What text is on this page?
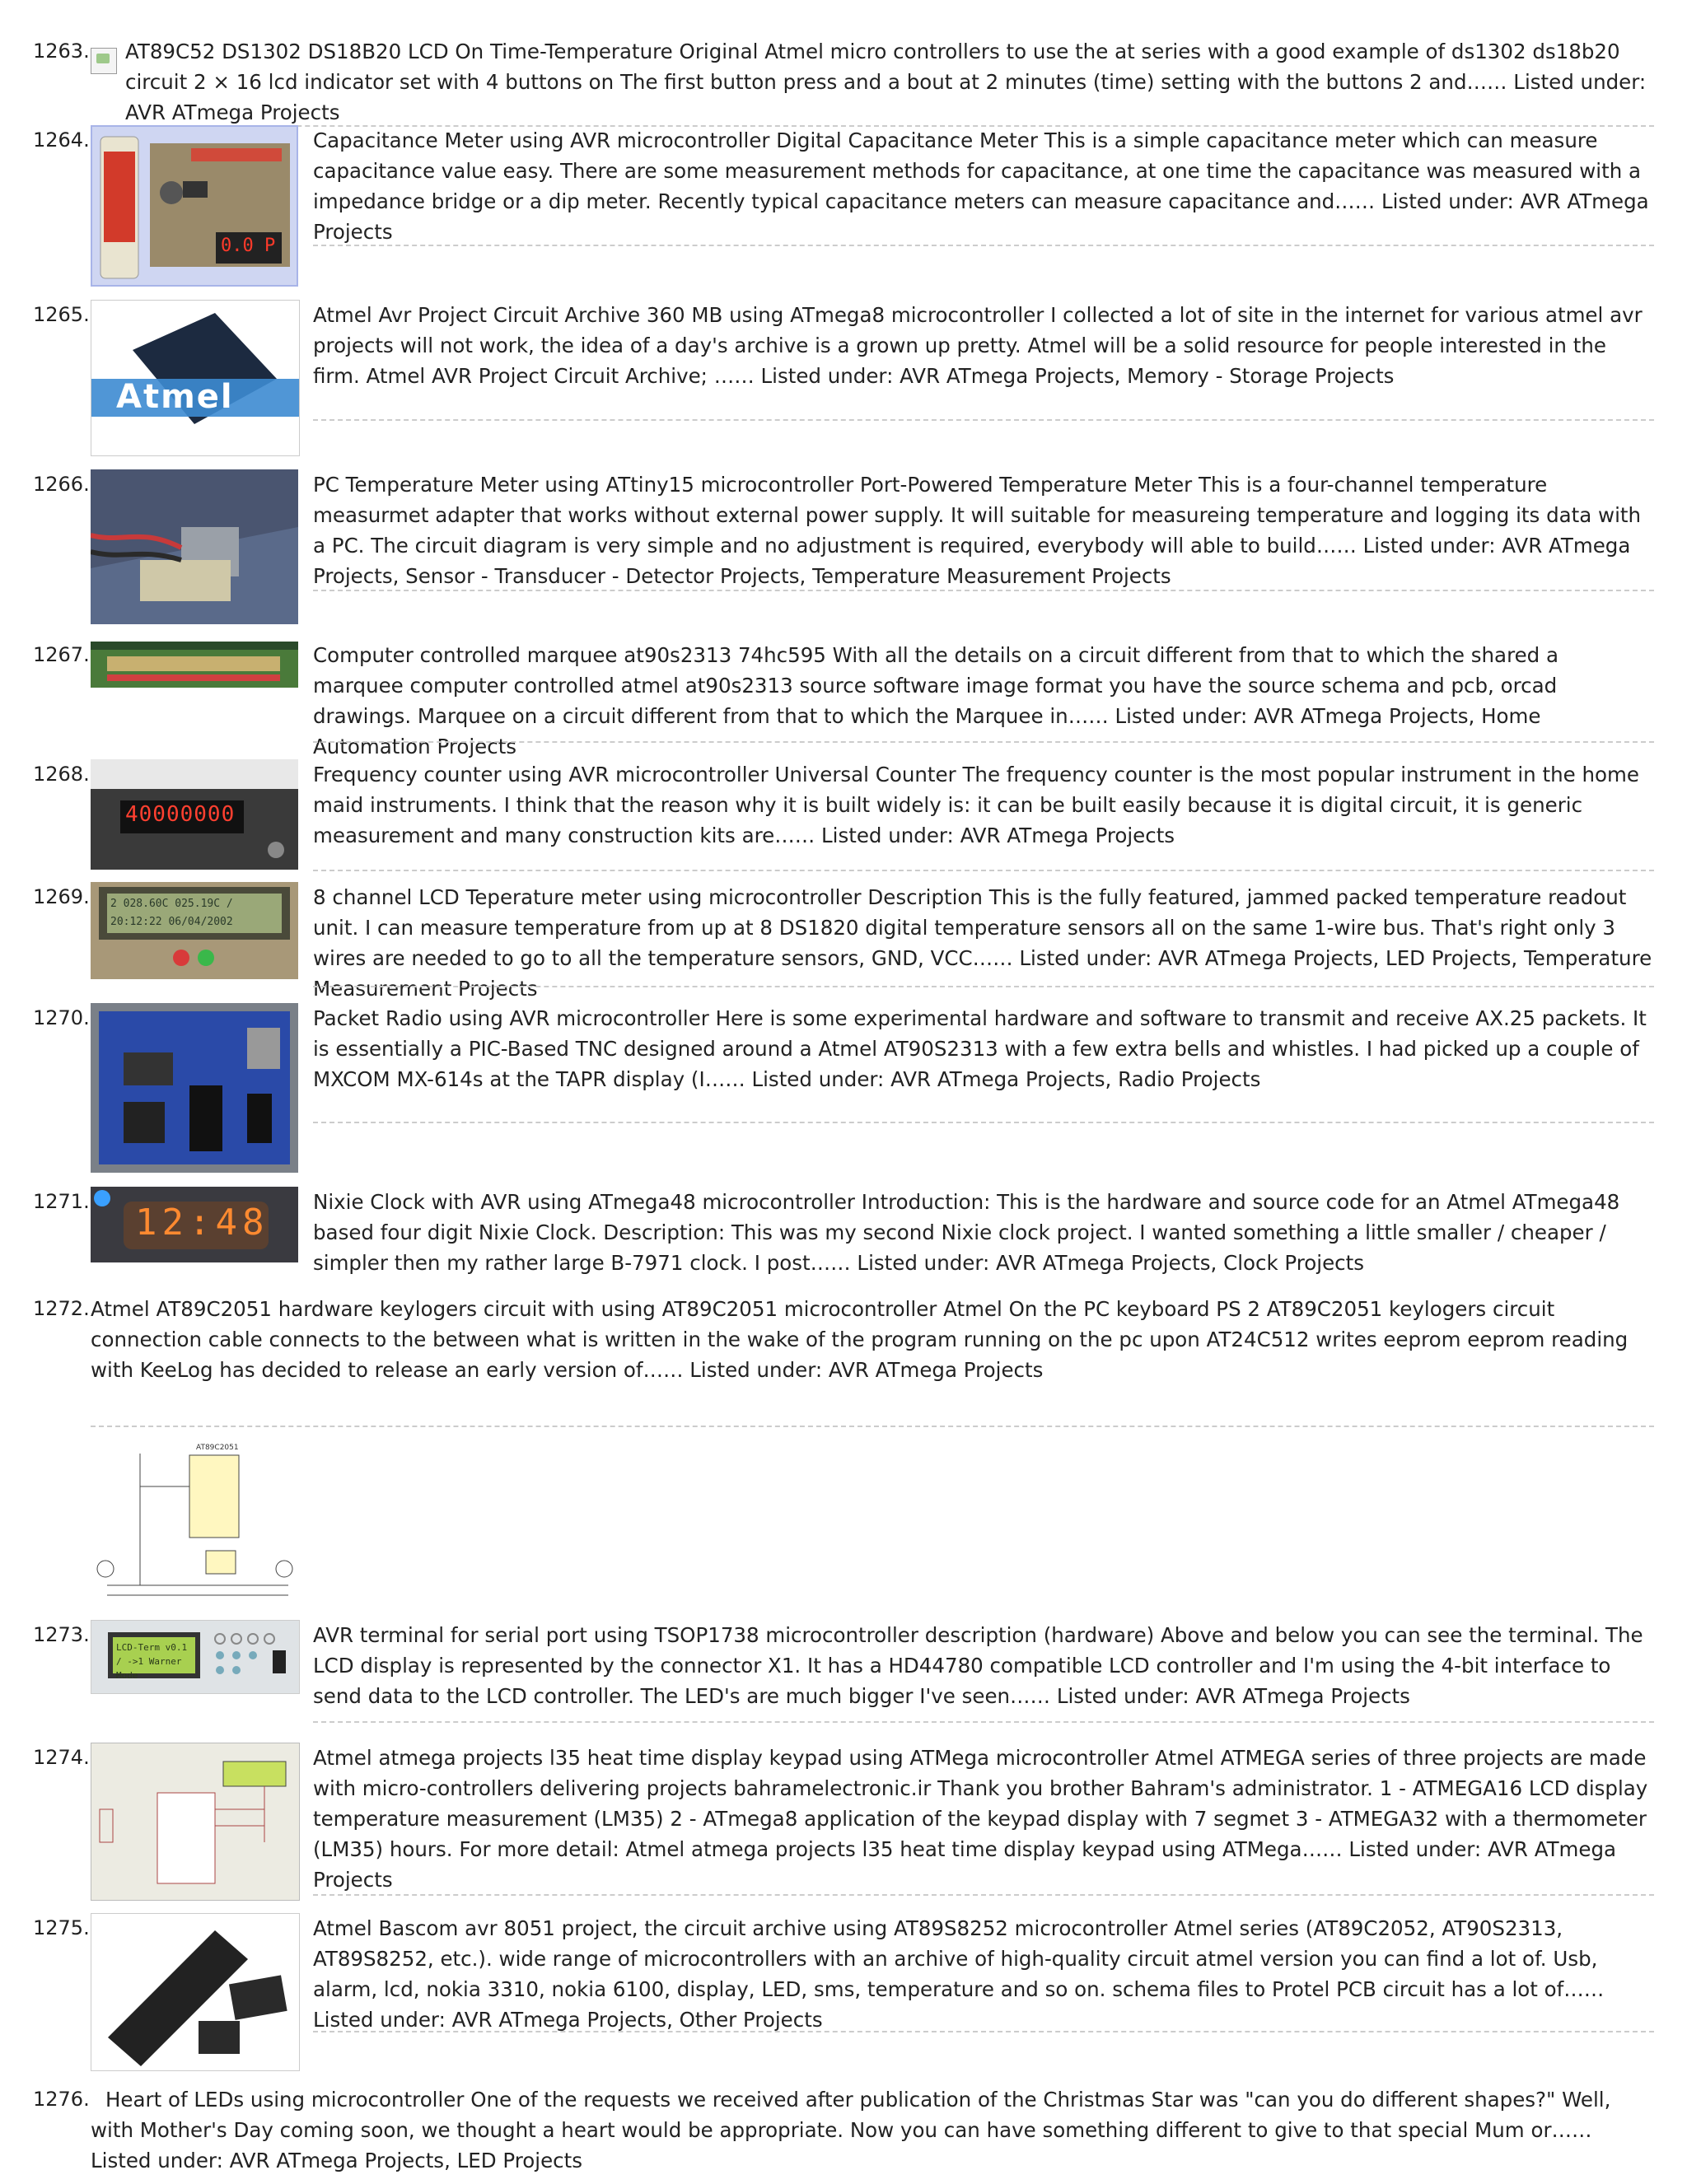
1263. AT89C52 DS1302 DS18B20 LCD On Time-Temperature Original Atmel micro controllers to use the at series with a good example of ds1302 ds18b20 circuit 2 × 16 lcd indicator set with 4 buttons on The first button press and a bout at 2 minutes (time) setting with the buttons 2 and…… Listed under: AVR ATmega Projects
1264.
0.0 P
Capacitance Meter using AVR microcontroller Digital Capacitance Meter This is a simple capacitance meter which can measure capacitance value easy. There are some measurement methods for capacitance, at one time the capacitance was measured with a impedance bridge or a dip meter. Recently typical capacitance meters can measure capacitance and…… Listed under: AVR ATmega Projects
1265.
Atmel
Atmel Avr Project Circuit Archive 360 MB using ATmega8 microcontroller I collected a lot of site in the internet for various atmel avr projects will not work, the idea of a day's archive is a grown up pretty. Atmel will be a solid resource for people interested in the firm. Atmel AVR Project Circuit Archive; …… Listed under: AVR ATmega Projects, Memory - Storage Projects
1266.	PC Temperature Meter using ATtiny15 microcontroller Port-Powered Temperature Meter This is a four-channel temperature measurmet adapter that works without external power supply. It will suitable for measureing temperature and logging its data with a PC. The circuit diagram is very simple and no adjustment is required, everybody will able to build…… Listed under: AVR ATmega Projects, Sensor - Transducer - Detector Projects, Temperature Measurement Projects
1267.	Computer controlled marquee at90s2313 74hc595 With all the details on a circuit different from that to which the shared a marquee computer controlled atmel at90s2313 source software image format you have the source schema and pcb, orcad drawings. Marquee on a circuit different from that to which the Marquee in…… Listed under: AVR ATmega Projects, Home Automation Projects
1268.
40000000
Frequency counter using AVR microcontroller Universal Counter The frequency counter is the most popular instrument in the home maid instruments. I think that the reason why it is built widely is: it can be built easily because it is digital circuit, it is generic measurement and many construction kits are…… Listed under: AVR ATmega Projects
1269. 2 028.60C 025.19C / 20:12:22 06/04/2002
8 channel LCD Teperature meter using microcontroller Description This is the fully featured, jammed packed temperature readout unit. I can measure temperature from up at 8 DS1820 digital temperature sensors all on the same 1-wire bus. That's right only 3 wires are needed to go to all the temperature sensors, GND, VCC…… Listed under: AVR ATmega Projects, LED Projects, Temperature Measurement Projects
1270.	Packet Radio using AVR microcontroller Here is some experimental hardware and software to transmit and receive AX.25 packets. It is essentially a PIC-Based TNC designed around a Atmel AT90S2313 with a few extra bells and whistles. I had picked up a couple of MXCOM MX-614s at the TAPR display (I…… Listed under: AVR ATmega Projects, Radio Projects
1271. 12:48 Nixie Clock with AVR using ATmega48 microcontroller Introduction: This is the hardware and source code for an Atmel ATmega48 based four digit Nixie Clock. Description: This was my second Nixie clock project. I wanted something a little smaller / cheaper / simpler then my rather large B-7971 clock. I post…… Listed under: AVR ATmega Projects, Clock Projects
1272. Atmel AT89C2051 hardware keylogers circuit with using AT89C2051 microcontroller Atmel On the PC keyboard PS 2 AT89C2051 keylogers circuit connection cable connects to the between what is written in the wake of the program running on the pc upon AT24C512 writes eeprom eeprom reading with KeeLog has decided to release an early version of…… Listed under: AVR ATmega Projects
AT89C2051
1273.
LCD-Term v0.1 / ->1 Warner Mode
AVR terminal for serial port using TSOP1738 microcontroller description (hardware) Above and below you can see the terminal. The LCD display is represented by the connector X1. It has a HD44780 compatible LCD controller and I'm using the 4-bit interface to send data to the LCD controller. The LED's are much bigger I've seen…… Listed under: AVR ATmega Projects
1274.	Atmel atmega projects l35 heat time display keypad using ATMega microcontroller Atmel ATMEGA series of three projects are made with micro-controllers delivering projects bahramelectronic.ir Thank you brother Bahram's administrator. 1 - ATMEGA16 LCD display temperature measurement (LM35) 2 - ATmega8 application of the keypad display with 7 segmet 3 - ATMEGA32 with a thermometer (LM35) hours. For more detail: Atmel atmega projects l35 heat time display keypad using ATMega…… Listed under: AVR ATmega Projects
1275.	Atmel Bascom avr 8051 project, the circuit archive using AT89S8252 microcontroller Atmel series (AT89C2052, AT90S2313, AT89S8252, etc.). wide range of microcontrollers with an archive of high-quality circuit atmel version you can find a lot of. Usb, alarm, lcd, nokia 3310, nokia 6100, display, LED, sms, temperature and so on. schema files to Protel PCB circuit has a lot of…… Listed under: AVR ATmega Projects, Other Projects
1276. Heart of LEDs using microcontroller One of the requests we received after publication of the Christmas Star was "can you do different shapes?" Well, with Mother's Day coming soon, we thought a heart would be appropriate. Now you can have something different to give to that special Mum or…… Listed under: AVR ATmega Projects, LED Projects
